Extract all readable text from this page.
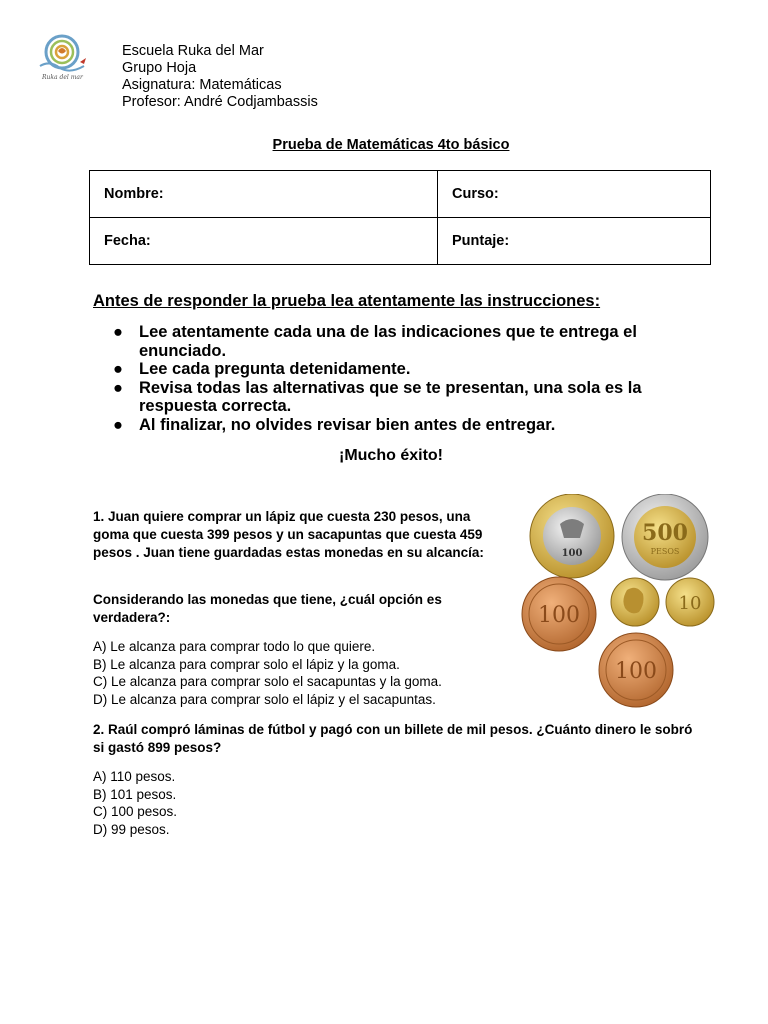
Ruka del mar
Escuela Ruka del Mar
Grupo Hoja
Asignatura: Matemáticas
Profesor: André Codjambassis
Prueba de Matemáticas 4to básico
Nombre:	Curso:
Fecha:	Puntaje:
Antes de responder la prueba lea atentamente las instrucciones:
● Lee atentamente cada una de las indicaciones que te entrega el enunciado.
● Lee cada pregunta detenidamente.
● Revisa todas las alternativas que se te presentan, una sola es la respuesta correcta.
● Al finalizar, no olvides revisar bien antes de entregar.
¡Mucho éxito!
1. Juan quiere comprar un lápiz que cuesta 230 pesos, una goma que cuesta 399 pesos y un sacapuntas que cuesta 459 pesos . Juan tiene guardadas estas monedas en su alcancía:
Considerando las monedas que tiene, ¿cuál opción es verdadera?:
A) Le alcanza para comprar todo lo que quiere.
B) Le alcanza para comprar solo el lápiz y la goma.
C) Le alcanza para comprar solo el sacapuntas y la goma.
D) Le alcanza para comprar solo el lápiz y el sacapuntas.
100
500
PESOS
100	10
100
2. Raúl compró láminas de fútbol y pagó con un billete de mil pesos. ¿Cuánto dinero le sobró si gastó 899 pesos?
A) 110 pesos.
B) 101 pesos.
C) 100 pesos.
D) 99 pesos.
